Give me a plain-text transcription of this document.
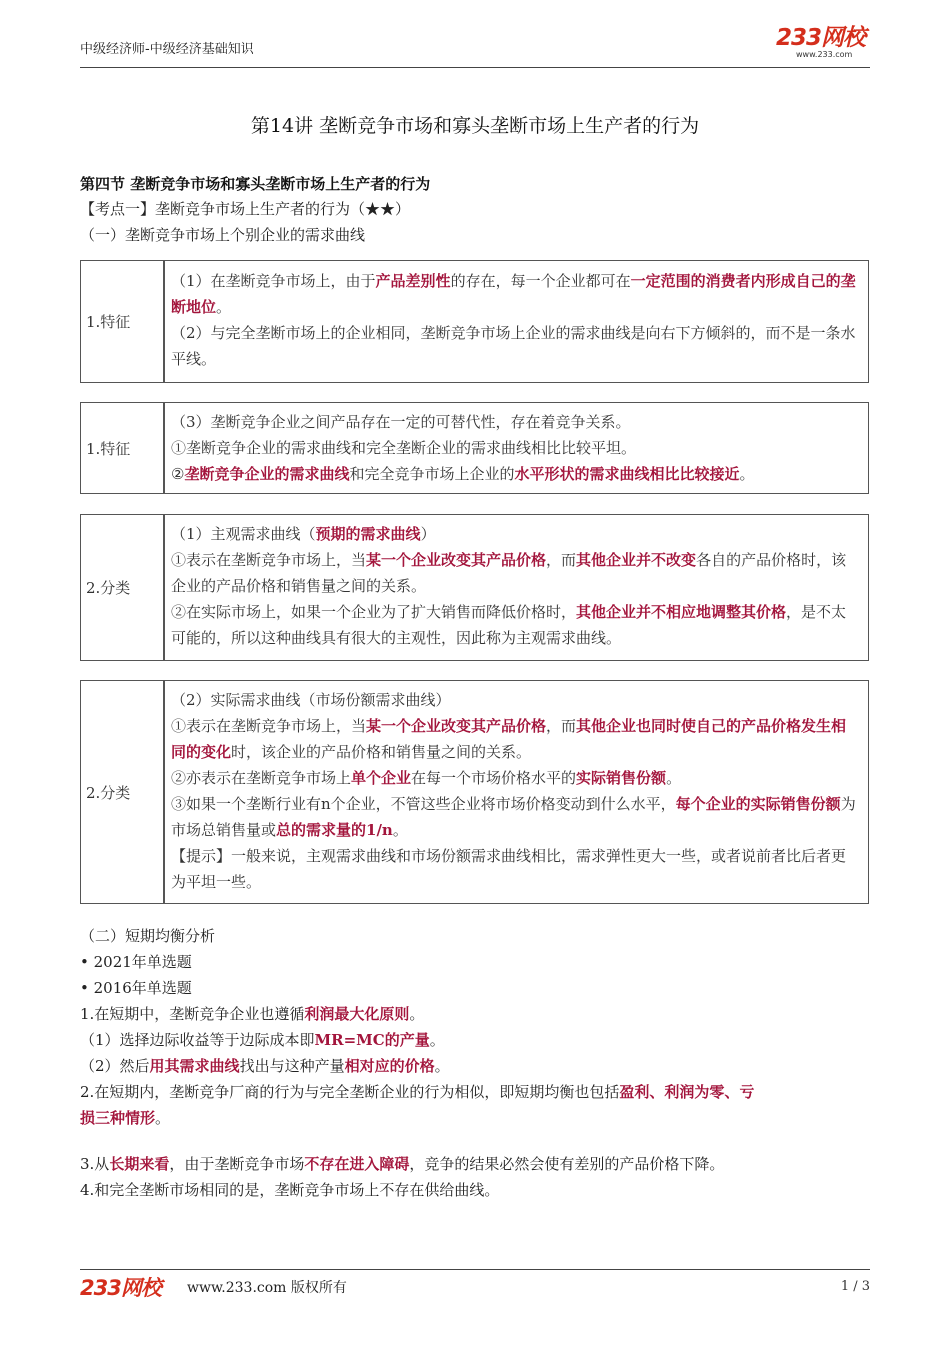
中级经济师-中级经济基础知识	233网校
www.233.com
第14讲 垄断竞争市场和寡头垄断市场上生产者的行为
第四节 垄断竞争市场和寡头垄断市场上生产者的行为
【考点一】垄断竞争市场上生产者的行为（★★）
（一）垄断竞争市场上个别企业的需求曲线
1.特征
（1）在垄断竞争市场上，由于产品差别性的存在，每一个企业都可在一定范围的消费者内形成自己的垄断地位。
（2）与完全垄断市场上的企业相同，垄断竞争市场上企业的需求曲线是向右下方倾斜的，而不是一条水平线。
1.特征
（3）垄断竞争企业之间产品存在一定的可替代性，存在着竞争关系。
①垄断竞争企业的需求曲线和完全垄断企业的需求曲线相比比较平坦。
②垄断竞争企业的需求曲线和完全竞争市场上企业的水平形状的需求曲线相比比较接近。
2.分类
（1）主观需求曲线（预期的需求曲线）
①表示在垄断竞争市场上，当某一个企业改变其产品价格，而其他企业并不改变各自的产品价格时，该企业的产品价格和销售量之间的关系。
②在实际市场上，如果一个企业为了扩大销售而降低价格时，其他企业并不相应地调整其价格，是不太可能的，所以这种曲线具有很大的主观性，因此称为主观需求曲线。
2.分类
（2）实际需求曲线（市场份额需求曲线）
①表示在垄断竞争市场上，当某一个企业改变其产品价格，而其他企业也同时使自己的产品价格发生相同的变化时，该企业的产品价格和销售量之间的关系。
②亦表示在垄断竞争市场上单个企业在每一个市场价格水平的实际销售份额。
③如果一个垄断行业有n个企业，不管这些企业将市场价格变动到什么水平，每个企业的实际销售份额为市场总销售量或总的需求量的1/n。
【提示】一般来说，主观需求曲线和市场份额需求曲线相比，需求弹性更大一些，或者说前者比后者更为平坦一些。
（二）短期均衡分析
• 2021年单选题
• 2016年单选题
1.在短期中，垄断竞争企业也遵循利润最大化原则。
（1）选择边际收益等于边际成本即MR=MC的产量。
（2）然后用其需求曲线找出与这种产量相对应的价格。
2.在短期内，垄断竞争厂商的行为与完全垄断企业的行为相似，即短期均衡也包括盈利、利润为零、亏
损三种情形。
3.从长期来看，由于垄断竞争市场不存在进入障碍，竞争的结果必然会使有差别的产品价格下降。
4.和完全垄断市场相同的是，垄断竞争市场上不存在供给曲线。
233网校 www.233.com 版权所有	1 / 3
